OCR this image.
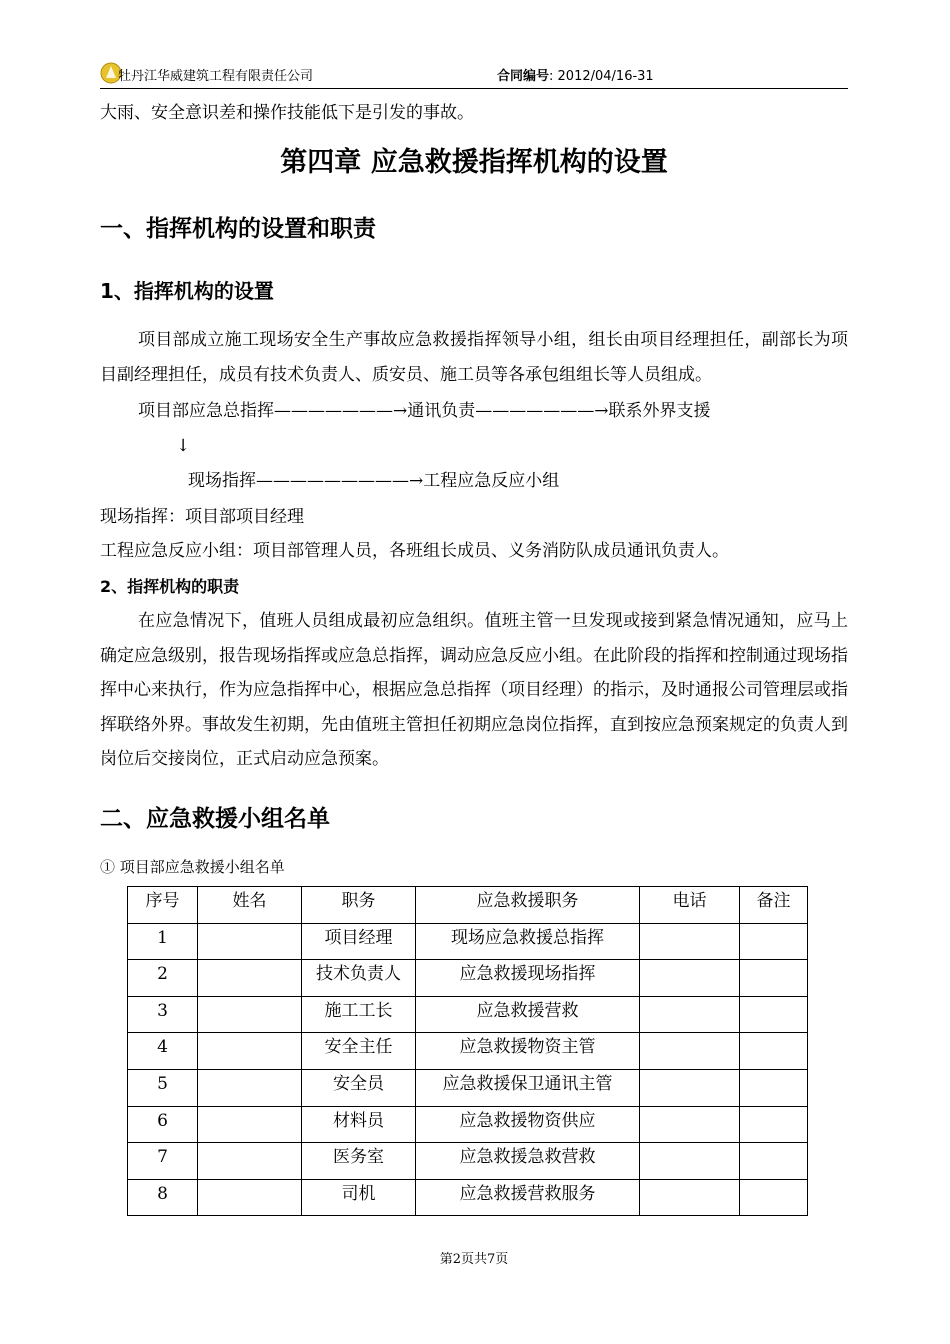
牡丹江华威建筑工程有限责任公司	合同编号: 2012/04/16-31
大雨、安全意识差和操作技能低下是引发的事故。
第四章 应急救援指挥机构的设置
一、指挥机构的设置和职责
1、指挥机构的设置
项目部成立施工现场安全生产事故应急救援指挥领导小组，组长由项目经理担任，副部长为项目副经理担任，成员有技术负责人、质安员、施工员等各承包组组长等人员组成。
项目部应急总指挥———————→通讯负责———————→联系外界支援
↓
现场指挥—————————→工程应急反应小组
现场指挥：项目部项目经理
工程应急反应小组：项目部管理人员，各班组长成员、义务消防队成员通讯负责人。
2、指挥机构的职责
在应急情况下，值班人员组成最初应急组织。值班主管一旦发现或接到紧急情况通知，应马上确定应急级别，报告现场指挥或应急总指挥，调动应急反应小组。在此阶段的指挥和控制通过现场指挥中心来执行，作为应急指挥中心，根据应急总指挥（项目经理）的指示，及时通报公司管理层或指挥联络外界。事故发生初期，先由值班主管担任初期应急岗位指挥，直到按应急预案规定的负责人到岗位后交接岗位，正式启动应急预案。
二、应急救援小组名单
① 项目部应急救援小组名单
序号	姓名	职务	应急救援职务	电话	备注
1		项目经理	现场应急救援总指挥		
2		技术负责人	应急救援现场指挥		
3		施工工长	应急救援营救		
4		安全主任	应急救援物资主管		
5		安全员	应急救援保卫通讯主管		
6		材料员	应急救援物资供应		
7		医务室	应急救援急救营救		
8		司机	应急救援营救服务		
第2页共7页
